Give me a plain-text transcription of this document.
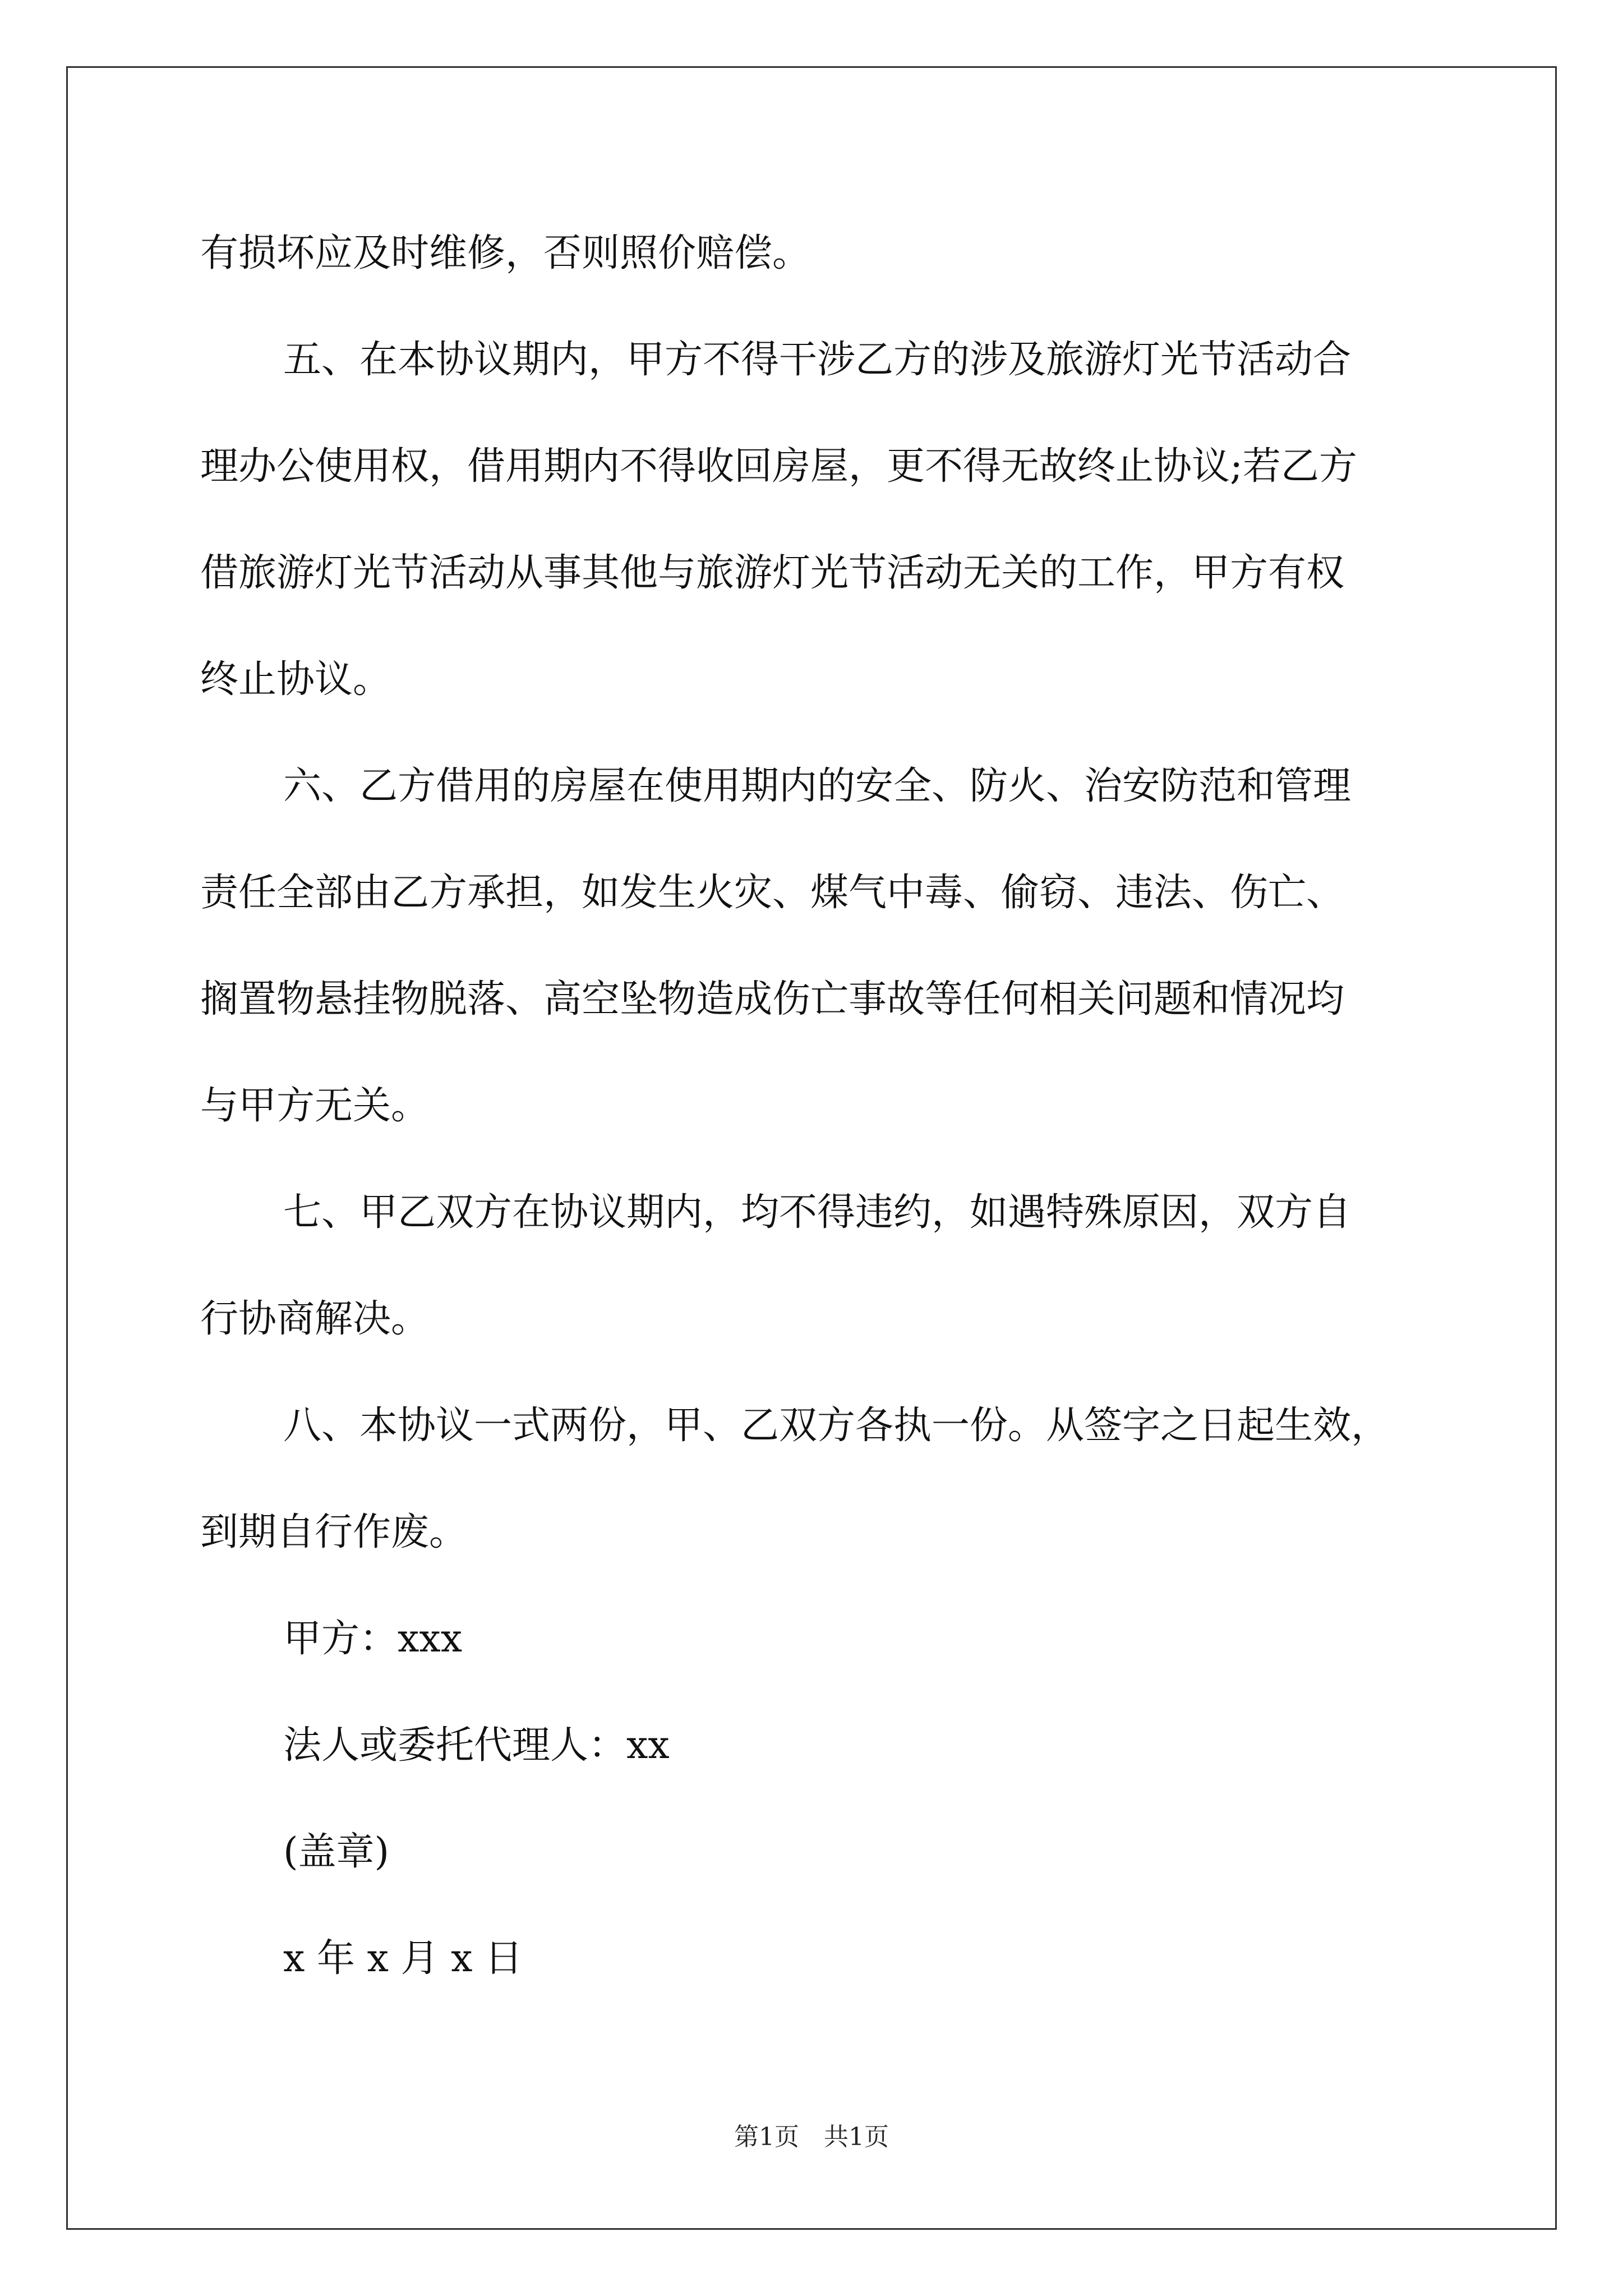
有损坏应及时维修，否则照价赔偿。
五、在本协议期内，甲方不得干涉乙方的涉及旅游灯光节活动合
理办公使用权，借用期内不得收回房屋，更不得无故终止协议;若乙方
借旅游灯光节活动从事其他与旅游灯光节活动无关的工作，甲方有权
终止协议。
六、乙方借用的房屋在使用期内的安全、防火、治安防范和管理
责任全部由乙方承担，如发生火灾、煤气中毒、偷窃、违法、伤亡、
搁置物悬挂物脱落、高空坠物造成伤亡事故等任何相关问题和情况均
与甲方无关。
七、甲乙双方在协议期内，均不得违约，如遇特殊原因，双方自
行协商解决。
八、本协议一式两份，甲、乙双方各执一份。从签字之日起生效，
到期自行作废。
甲方：xxx
法人或委托代理人：xx
(盖章)
x 年 x 月 x 日
第1页　共1页
